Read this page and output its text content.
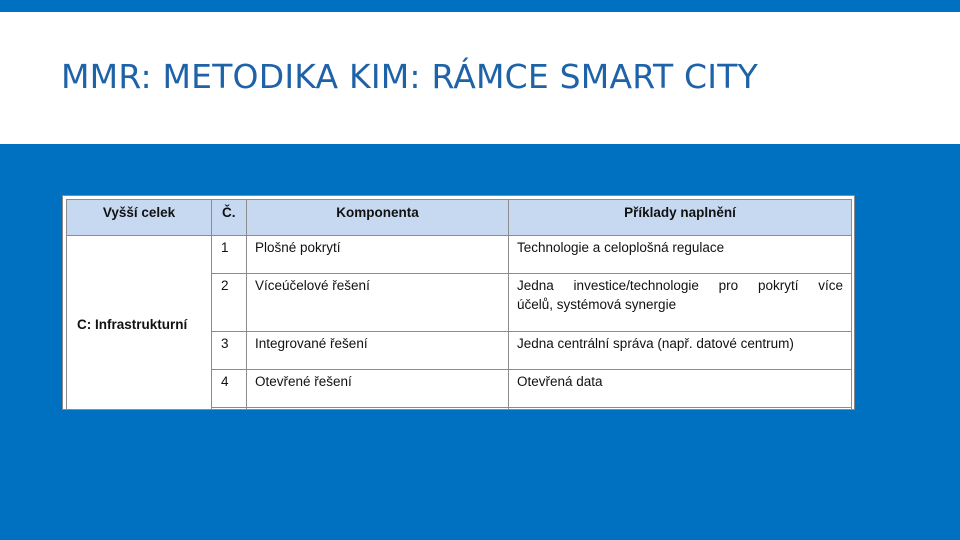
MMR: METODIKA KIM: RÁMCE SMART CITY
Vyšší celek	Č.	Komponenta	Příklady naplnění
C: Infrastrukturní	1	Plošné pokrytí	Technologie a celoplošná regulace
	2	Víceúčelové řešení	Jedna investice/technologie pro pokrytí více
účelů, systémová synergie
	3	Integrované řešení	Jedna centrální správa (např. datové centrum)
	4	Otevřené řešení	Otevřená data
